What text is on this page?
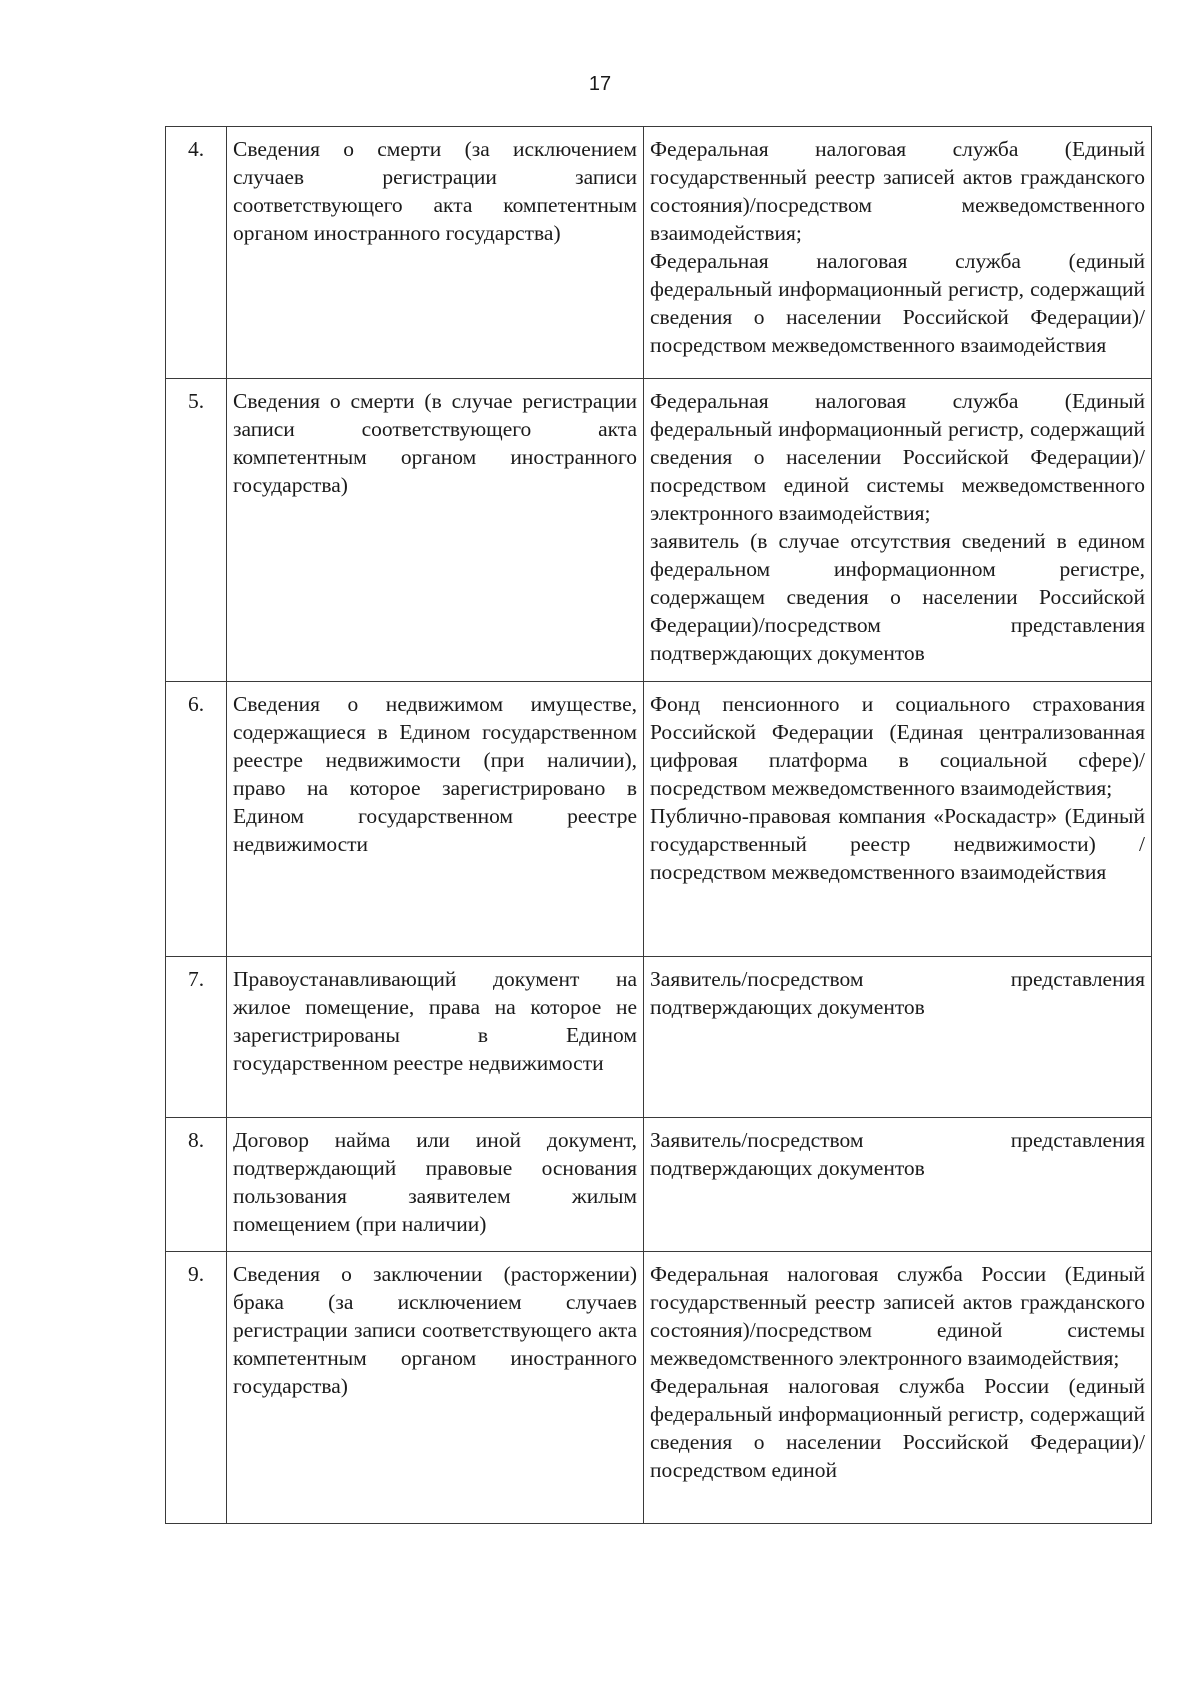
17
4.	Сведения о смерти (за исключением случаев регистрации записи соответствующего акта компетентным органом иностранного государства)	Федеральная налоговая служба (Единый государственный реестр записей актов гражданского состояния)/посредством межведомственного взаимодействия;
Федеральная налоговая служба (единый федеральный информационный регистр, содержащий сведения о населении Российской Федерации)/посредством межведомственного взаимодействия

5.	Сведения о смерти (в случае регистрации записи соответствующего акта компетентным органом иностранного государства)	Федеральная налоговая служба (Единый федеральный информационный регистр, содержащий сведения о населении Российской Федерации)/посредством единой системы межведомственного электронного взаимодействия;
заявитель (в случае отсутствия сведений в едином федеральном информационном регистре, содержащем сведения о населении Российской Федерации)/посредством представления подтверждающих документов

6.	Сведения о недвижимом имуществе, содержащиеся в Едином государственном реестре недвижимости (при наличии), право на которое зарегистрировано в Едином государственном реестре недвижимости	Фонд пенсионного и социального страхования Российской Федерации (Единая централизованная цифровая платформа в социальной сфере)/посредством межведомственного взаимодействия;
Публично-правовая компания «Роскадастр» (Единый государственный реестр недвижимости) /посредством межведомственного взаимодействия

7.	Правоустанавливающий документ на жилое помещение, права на которое не зарегистрированы в Едином государственном реестре недвижимости	Заявитель/посредством представления подтверждающих документов

8.	Договор найма или иной документ, подтверждающий правовые основания пользования заявителем жилым помещением (при наличии)	Заявитель/посредством представления подтверждающих документов

9.	Сведения о заключении (расторжении) брака (за исключением случаев регистрации записи соответствующего акта компетентным органом иностранного государства)	Федеральная налоговая служба России (Единый государственный реестр записей актов гражданского состояния)/посредством единой системы межведомственного электронного взаимодействия;
Федеральная налоговая служба России (единый федеральный информационный регистр, содержащий сведения о населении Российской Федерации)/посредством единой
